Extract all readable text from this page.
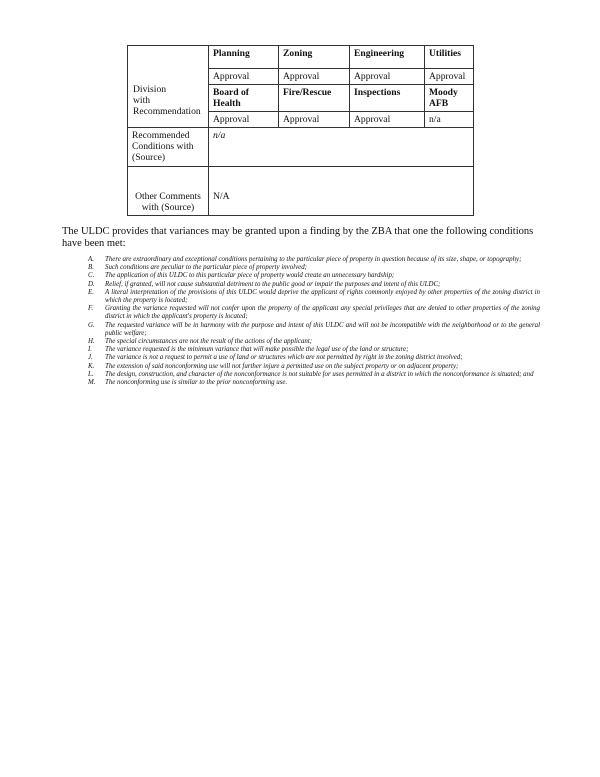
Division
with
Recommendation	Planning	Zoning	Engineering	Utilities
	Approval	Approval	Approval	Approval
	Board of Health	Fire/Rescue	Inspections	Moody AFB
	Approval	Approval	Approval	n/a
Recommended Conditions with (Source)	n/a			
Other Comments with (Source)	N/A			
The ULDC provides that variances may be granted upon a finding by the ZBA that one the following conditions have been met:
A.	There are extraordinary and exceptional conditions pertaining to the particular piece of property in question because of its size, shape, or topography;
B.	Such conditions are peculiar to the particular piece of property involved;
C.	The application of this ULDC to this particular piece of property would create an unnecessary hardship;
D.	Relief, if granted, will not cause substantial detriment to the public good or impair the purposes and intent of this ULDC;
E.	A literal interpretation of the provisions of this ULDC would deprive the applicant of rights commonly enjoyed by other properties of the zoning district in which the property is located;
F.	Granting the variance requested will not confer upon the property of the applicant any special privileges that are denied to other properties of the zoning district in which the applicant's property is located;
G.	The requested variance will be in harmony with the purpose and intent of this ULDC and will not be incompatible with the neighborhood or to the general public welfare;
H.	The special circumstances are not the result of the actions of the applicant;
I.	The variance requested is the minimum variance that will make possible the legal use of the land or structure;
J.	The variance is not a request to permit a use of land or structures which are not permitted by right in the zoning district involved;
K.	The extension of said nonconforming use will not further injure a permitted use on the subject property or on adjacent property;
L.	The design, construction, and character of the nonconformance is not suitable for uses permitted in a district in which the nonconformance is situated; and
M.	The nonconforming use is similar to the prior nonconforming use.
